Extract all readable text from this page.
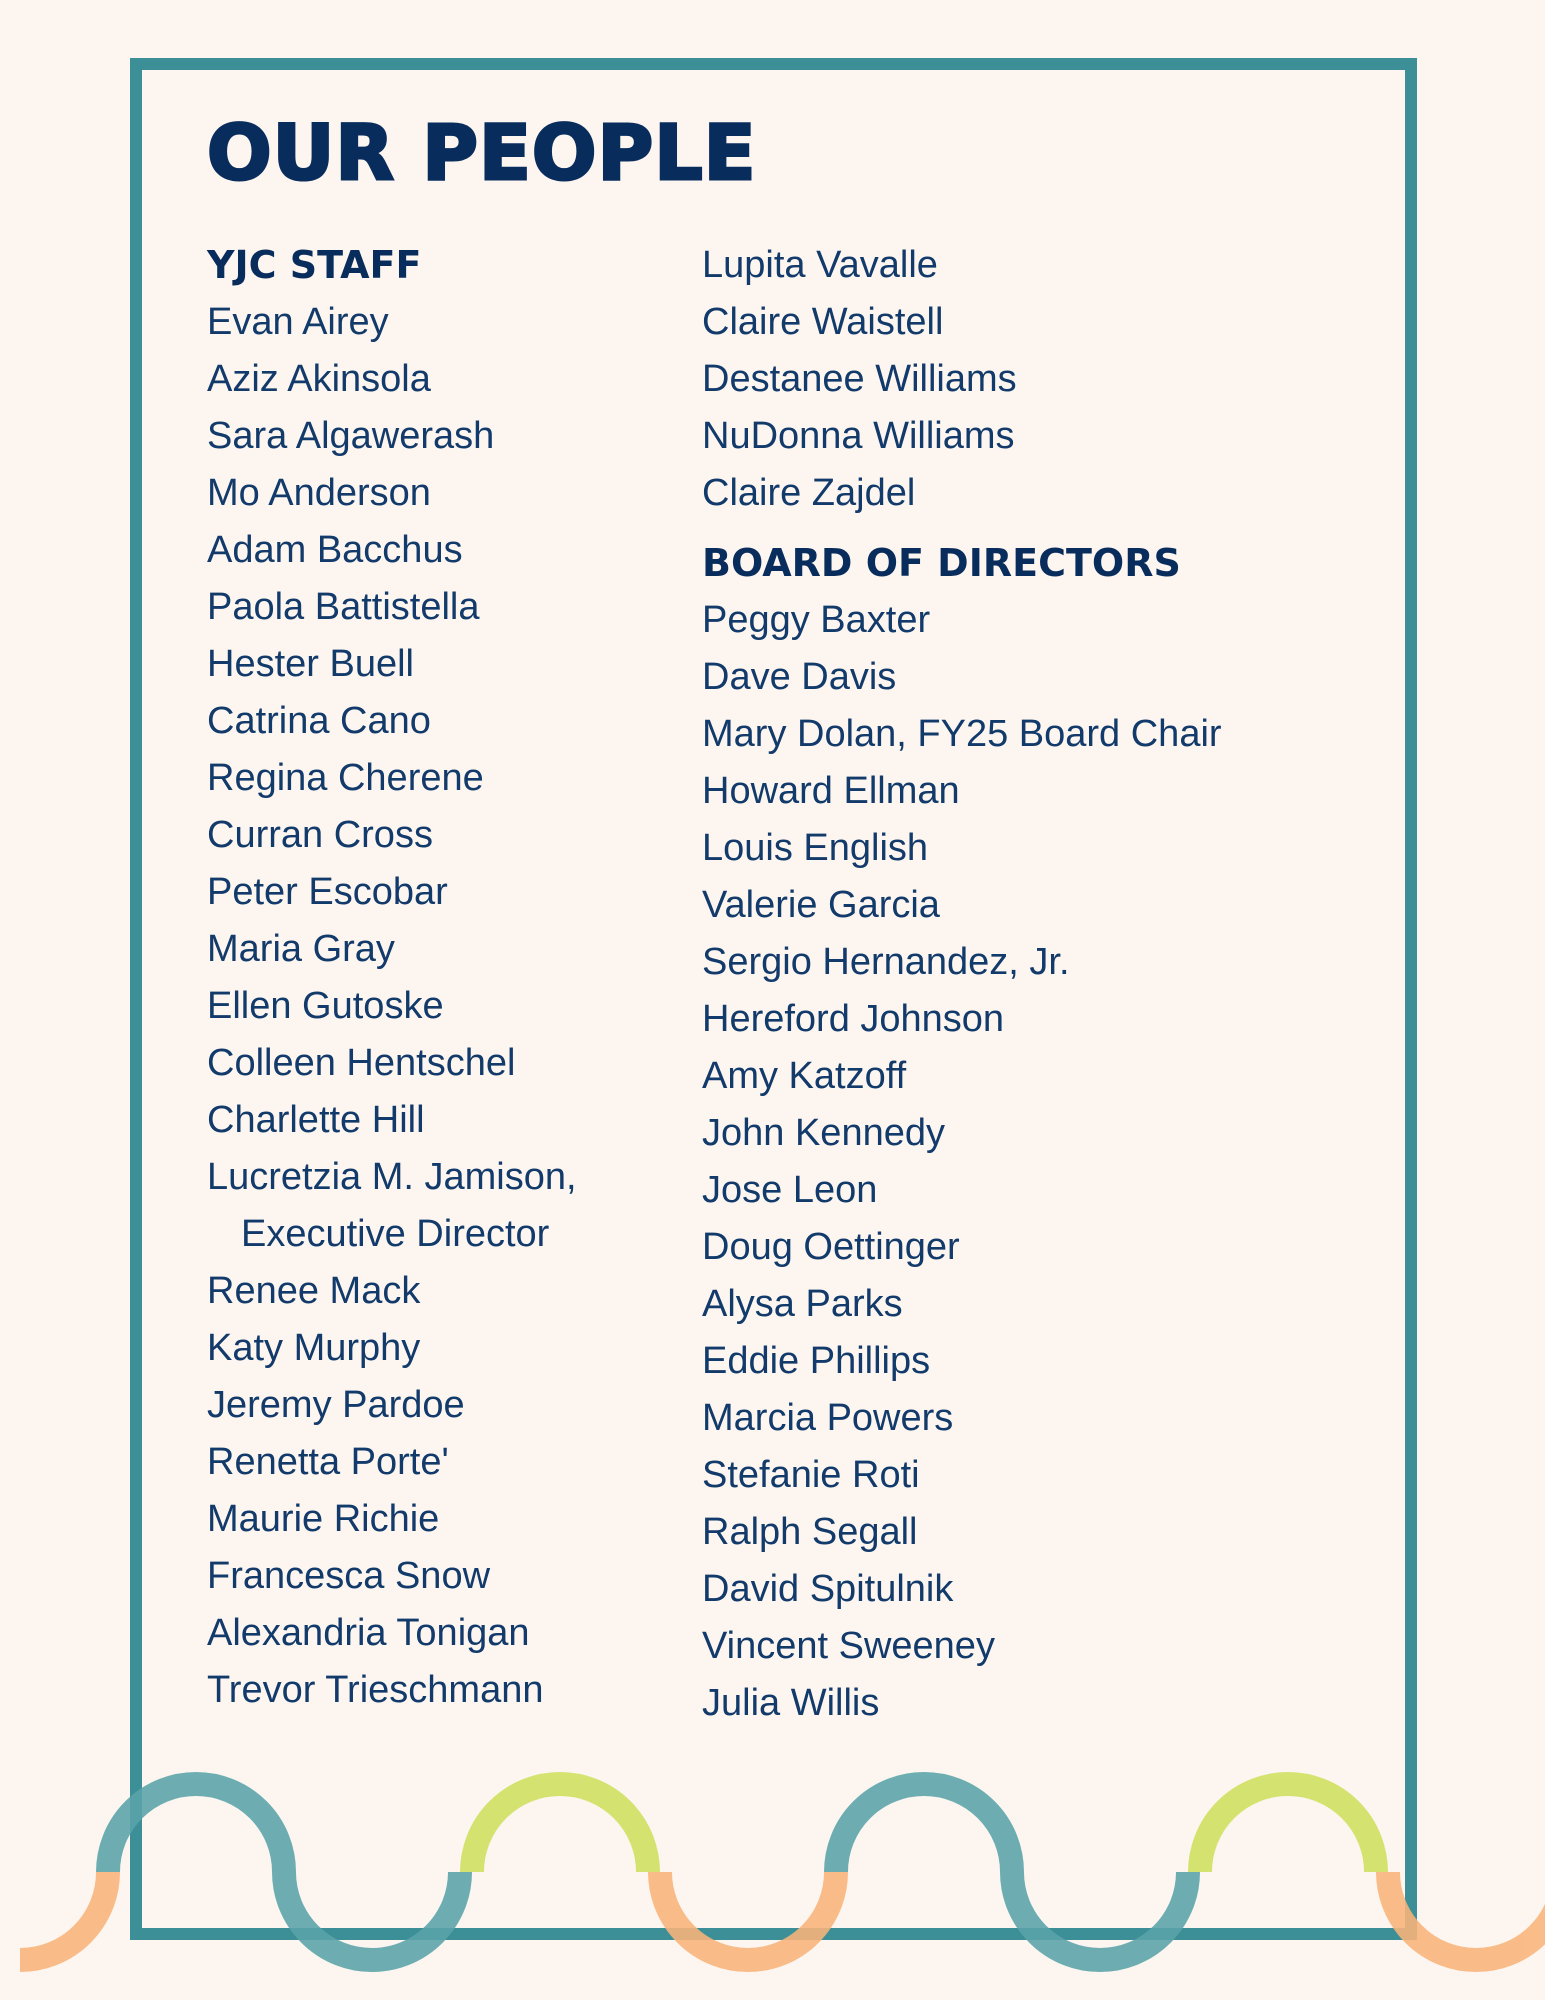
OUR PEOPLE
YJC STAFF
Evan Airey
Aziz Akinsola
Sara Algawerash
Mo Anderson
Adam Bacchus
Paola Battistella
Hester Buell
Catrina Cano
Regina Cherene
Curran Cross
Peter Escobar
Maria Gray
Ellen Gutoske
Colleen Hentschel
Charlette Hill
Lucretzia M. Jamison,
Executive Director
Renee Mack
Katy Murphy
Jeremy Pardoe
Renetta Porte'
Maurie Richie
Francesca Snow
Alexandria Tonigan
Trevor Trieschmann
Lupita Vavalle
Claire Waistell
Destanee Williams
NuDonna Williams
Claire Zajdel
BOARD OF DIRECTORS
Peggy Baxter
Dave Davis
Mary Dolan, FY25 Board Chair
Howard Ellman
Louis English
Valerie Garcia
Sergio Hernandez, Jr.
Hereford Johnson
Amy Katzoff
John Kennedy
Jose Leon
Doug Oettinger
Alysa Parks
Eddie Phillips
Marcia Powers
Stefanie Roti
Ralph Segall
David Spitulnik
Vincent Sweeney
Julia Willis
